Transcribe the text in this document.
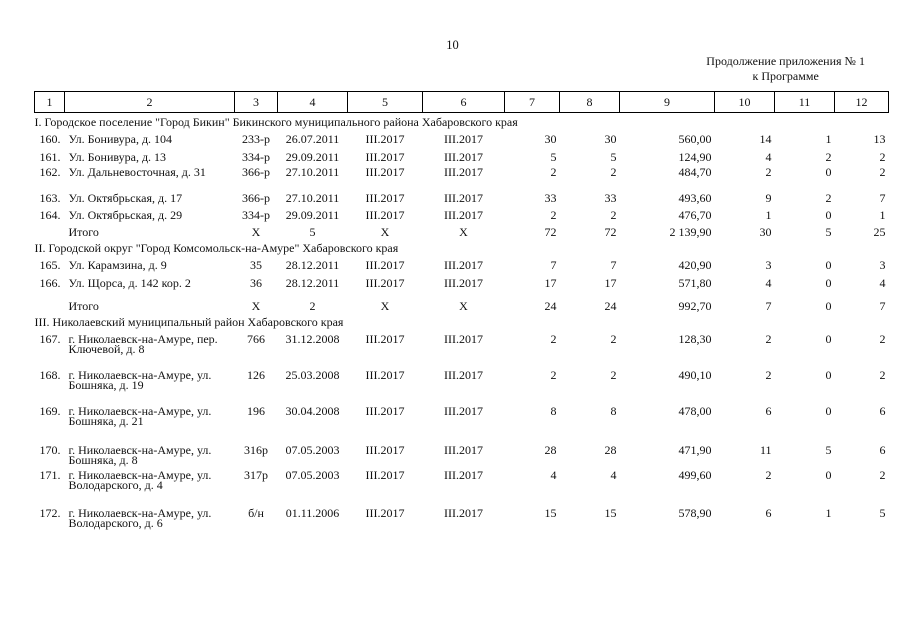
10
Продолжение приложения № 1
к Программе
1	2	3	4	5	6	7	8	9	10	11	12
I. Городское поселение "Город Бикин" Бикинского муниципального района Хабаровского края											
160.	Ул. Бонивура, д. 104	233-р	26.07.2011	III.2017	III.2017	30	30	560,00	14	1	13
161.	Ул. Бонивура, д. 13	334-р	29.09.2011	III.2017	III.2017	5	5	124,90	4	2	2
162.	Ул. Дальневосточная, д. 31	366-р	27.10.2011	III.2017	III.2017	2	2	484,70	2	0	2
163.	Ул. Октябрьская, д. 17	366-р	27.10.2011	III.2017	III.2017	33	33	493,60	9	2	7
164.	Ул. Октябрьская, д. 29	334-р	29.09.2011	III.2017	III.2017	2	2	476,70	1	0	1
	Итого	Х	5	Х	Х	72	72	2 139,90	30	5	25
II. Городской округ "Город Комсомольск-на-Амуре" Хабаровского края											
165.	Ул. Карамзина, д. 9	35	28.12.2011	III.2017	III.2017	7	7	420,90	3	0	3
166.	Ул. Щорса, д. 142 кор. 2	36	28.12.2011	III.2017	III.2017	17	17	571,80	4	0	4
	Итого	Х	2	Х	Х	24	24	992,70	7	0	7
III. Николаевский муниципальный район Хабаровского края											
167.	г. Николаевск-на-Амуре, пер. Ключевой, д. 8	766	31.12.2008	III.2017	III.2017	2	2	128,30	2	0	2
168.	г. Николаевск-на-Амуре, ул. Бошняка, д. 19	126	25.03.2008	III.2017	III.2017	2	2	490,10	2	0	2
169.	г. Николаевск-на-Амуре, ул. Бошняка, д. 21	196	30.04.2008	III.2017	III.2017	8	8	478,00	6	0	6
170.	г. Николаевск-на-Амуре, ул. Бошняка, д. 8	316р	07.05.2003	III.2017	III.2017	28	28	471,90	11	5	6
171.	г. Николаевск-на-Амуре, ул. Володарского, д. 4	317р	07.05.2003	III.2017	III.2017	4	4	499,60	2	0	2
172.	г. Николаевск-на-Амуре, ул. Володарского, д. 6	б/н	01.11.2006	III.2017	III.2017	15	15	578,90	6	1	5
